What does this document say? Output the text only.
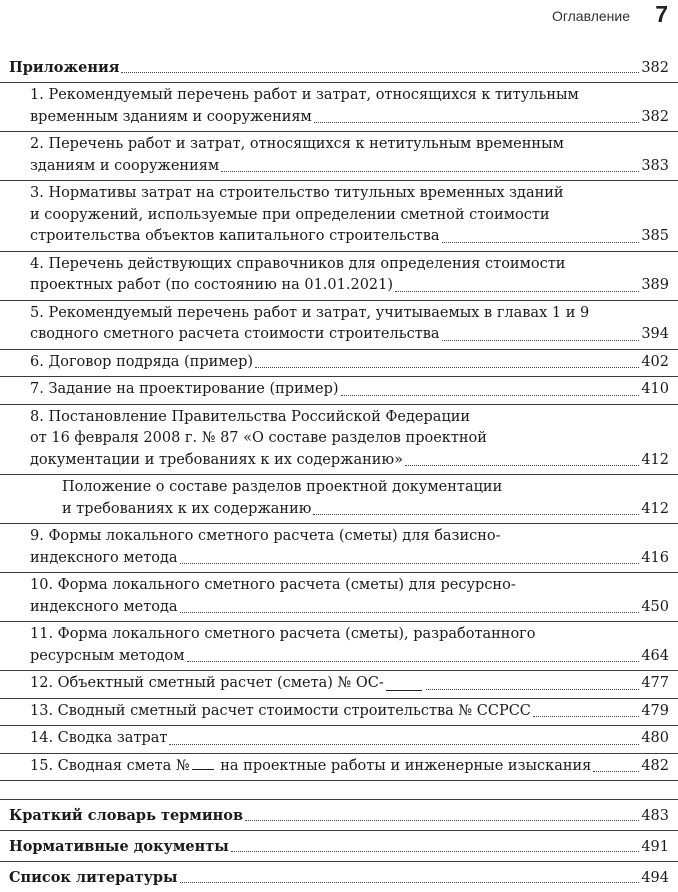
Оглавление 7
Приложения	382
1. Рекомендуемый перечень работ и затрат, относящихся к титульным
временным зданиям и сооружениям	382
2. Перечень работ и затрат, относящихся к нетитульным временным
зданиям и сооружениям	383
3. Нормативы затрат на строительство титульных временных зданий
и сооружений, используемые при определении сметной стоимости
строительства объектов капитального строительства	385
4. Перечень действующих справочников для определения стоимости
проектных работ (по состоянию на 01.01.2021)	389
5. Рекомендуемый перечень работ и затрат, учитываемых в главах 1 и 9
сводного сметного расчета стоимости строительства	394
6. Договор подряда (пример)	402
7. Задание на проектирование (пример)	410
8. Постановление Правительства Российской Федерации
от 16 февраля 2008 г. № 87 «О составе разделов проектной
документации и требованиях к их содержанию»	412
Положение о составе разделов проектной документации
и требованиях к их содержанию	412
9. Формы локального сметного расчета (сметы) для базисно-
индексного метода	416
10. Форма локального сметного расчета (сметы) для ресурсно-
индексного метода	450
11. Форма локального сметного расчета (сметы), разработанного
ресурсным методом	464
12. Объектный сметный расчет (смета) № ОС-	477
13. Сводный сметный расчет стоимости строительства № ССРСС	479
14. Сводка затрат	480
15. Сводная смета № на проектные работы и инженерные изыскания	482
Краткий словарь терминов	483
Нормативные документы	491
Список литературы	494
